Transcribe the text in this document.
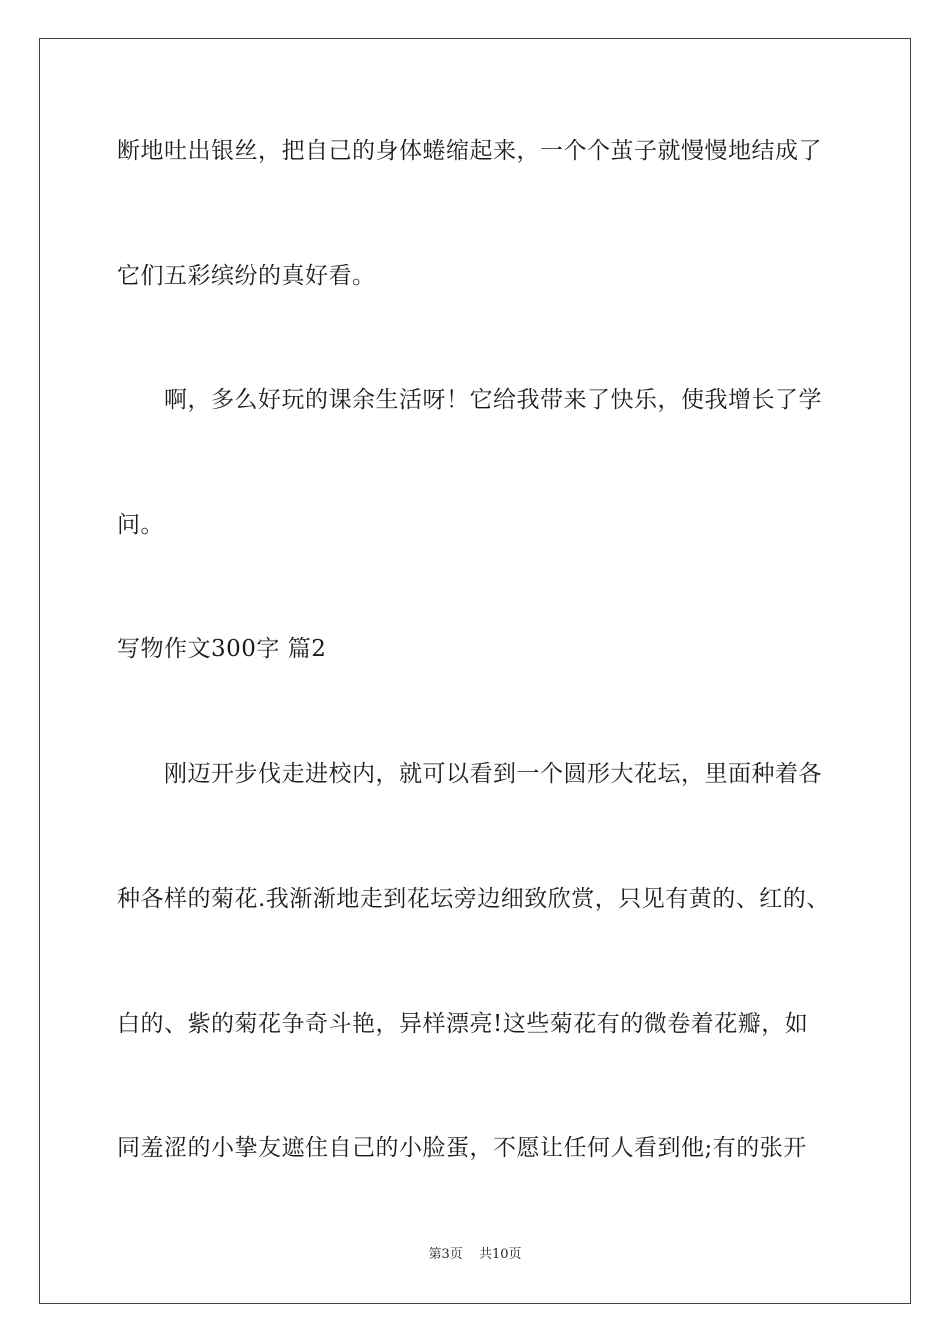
断地吐出银丝，把自己的身体蜷缩起来，一个个茧子就慢慢地结成了
它们五彩缤纷的真好看。
啊，多么好玩的课余生活呀！它给我带来了快乐，使我增长了学
问。
写物作文300字 篇2
刚迈开步伐走进校内，就可以看到一个圆形大花坛，里面种着各
种各样的菊花.我渐渐地走到花坛旁边细致欣赏，只见有黄的、红的、
白的、紫的菊花争奇斗艳，异样漂亮!这些菊花有的微卷着花瓣，如
同羞涩的小挚友遮住自己的小脸蛋，不愿让任何人看到他;有的张开
第3页 共10页
